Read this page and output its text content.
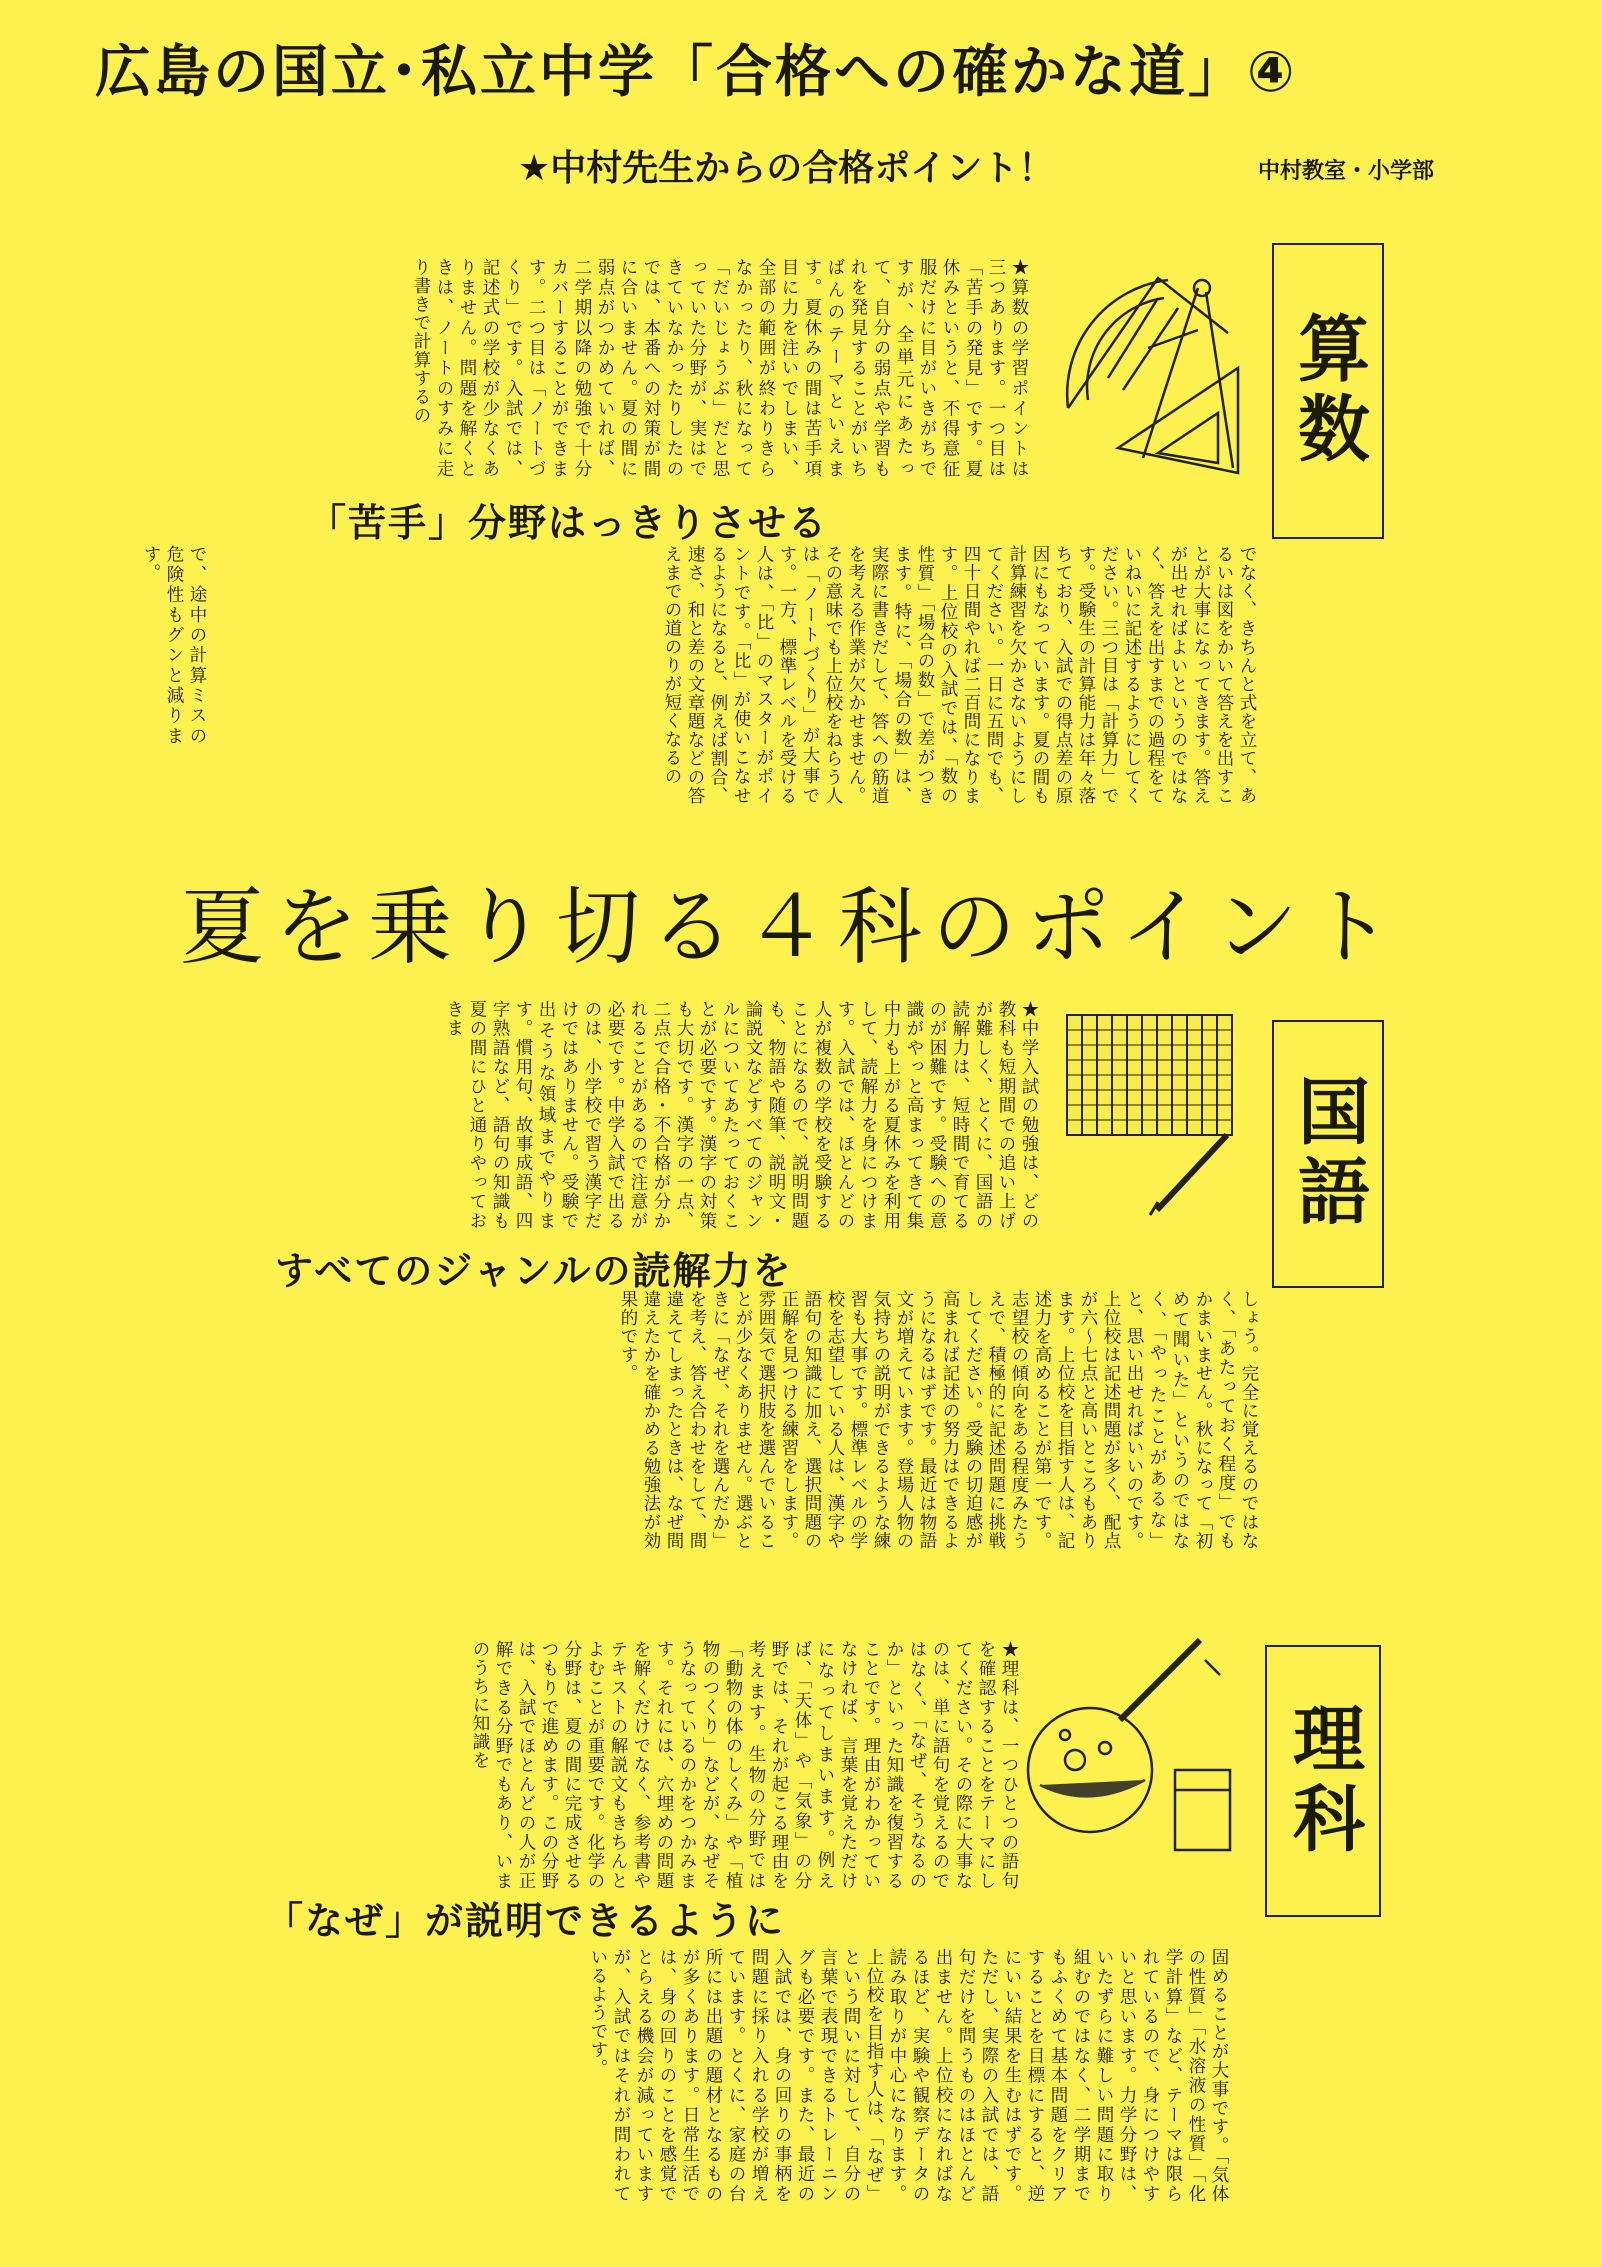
広島の国立･私立中学「合格への確かな道」④
★中村先生からの合格ポイント！	中村教室・小学部
算数
★算数の学習ポイントは三つあります。一つ目は「苦手の発見」です。夏休みというと、不得意征服だけに目がいきがちですが、全単元にあたって、自分の弱点や学習もれを発見することがいちばんのテーマといえます。夏休みの間は苦手項目に力を注いでしまい、全部の範囲が終わりきらなかったり、秋になって「だいじょうぶ」だと思っていた分野が、実はできていなかったりしたのでは、本番への対策が間に合いません。夏の間に弱点がつかめていれば、二学期以降の勉強で十分カバーすることができます。二つ目は「ノートづくり」です。入試では、記述式の学校が少なくありません。問題を解くときは、ノートのすみに走り書きで計算するの
「苦手」分野はっきりさせる
で、途中の計算ミスの危険性もグンと減ります。	でなく、きちんと式を立て、あるいは図をかいて答えを出すことが大事になってきます。答えが出せればよいというのではなく、答えを出すまでの過程をていねいに記述するようにしてください。三つ目は「計算力」です。受験生の計算能力は年々落ちており、入試での得点差の原因にもなっています。夏の間も計算練習を欠かさないようにしてください。一日に五問でも、四十日間やれば二百問になります。上位校の入試では、「数の性質」「場合の数」で差がつきます。特に、「場合の数」は、実際に書きだして、答への筋道を考える作業が欠かせません。その意味でも上位校をねらう人は「ノートづくり」が大事です。一方、標準レベルを受ける人は、「比」のマスターがポイントです。「比」が使いこなせるようになると、例えば割合、速さ、和と差の文章題などの答えまでの道のりが短くなるの
夏を乗り切る４科のポイント
国語
★中学入試の勉強は、どの教科も短期間での追い上げが難しく、とくに、国語の読解力は、短時間で育てるのが困難です。受験への意識がやっと高まってきて集中力も上がる夏休みを利用して、読解力を身につけます。入試では、ほとんどの人が複数の学校を受験することになるので、説明問題も、物語や随筆、説明文・論説文などすべてのジャンルについてあたっておくことが必要です。漢字の対策も大切です。漢字の一点、二点で合格・不合格が分かれることがあるので注意が必要です。中学入試で出るのは、小学校で習う漢字だけではありません。受験で出そうな領域までやります。慣用句、故事成語、四字熟語など、語句の知識も夏の間にひと通りやっておきま
すべてのジャンルの読解力を
しょう。完全に覚えるのではなく、「あたっておく程度」でもかまいません。秋になって「初めて聞いた」というのではなく、「やったことがあるな」と、思い出せればいいのです。上位校は記述問題が多く、配点が六～七点と高いところもあります。上位校を目指す人は、記述力を高めることが第一です。志望校の傾向をある程度みたうえで、積極的に記述問題に挑戦してください。受験の切迫感が高まれば記述の努力はできるようになるはずです。最近は物語文が増えています。登場人物の気持ちの説明ができるような練習も大事です。標準レベルの学校を志望している人は、漢字や語句の知識に加え、選択問題の正解を見つける練習をします。雰囲気で選択肢を選んでいることが少なくありません。選ぶときに「なぜ、それを選んだか」を考え、答え合わせをして、間違えてしまったときは、なぜ間違えたかを確かめる勉強法が効果的です。
理科
★理科は、一つひとつの語句を確認することをテーマにしてください。その際に大事なのは、単に語句を覚えるのではなく、「なぜ、そうなるのか」といった知識を復習することです。理由がわかっていなければ、言葉を覚えただけになってしまいます。例えば、「天体」や「気象」の分野では、それが起こる理由を考えます。生物の分野では「動物の体のしくみ」や「植物のつくり」などが、なぜそうなっているのかをつかみます。それには、穴埋めの問題を解くだけでなく、参考書やテキストの解説文もきちんとよむことが重要です。化学の分野は、夏の間に完成させるつもりで進めます。この分野は、入試でほとんどの人が正解できる分野でもあり、いまのうちに知識を
「なぜ」が説明できるように
固めることが大事です。「気体の性質」「水溶液の性質」「化学計算」など、テーマは限られているので、身につけやすいと思います。力学分野は、いたずらに難しい問題に取り組むのではなく、二学期までもふくめて基本問題をクリアすることを目標にすると、逆にいい結果を生むはずです。ただし、実際の入試では、語句だけを問うものはほとんど出ません。上位校になればなるほど、実験や観察データの読み取りが中心になります。上位校を目指す人は、「なぜ」という問いに対して、自分の言葉で表現できるトレーニングも必要です。また、最近の入試では、身の回りの事柄を問題に採り入れる学校が増えています。とくに、家庭の台所には出題の題材となるものが多くあります。日常生活では、身の回りのことを感覚でとらえる機会が減っていますが、入試ではそれが問われているようです。
